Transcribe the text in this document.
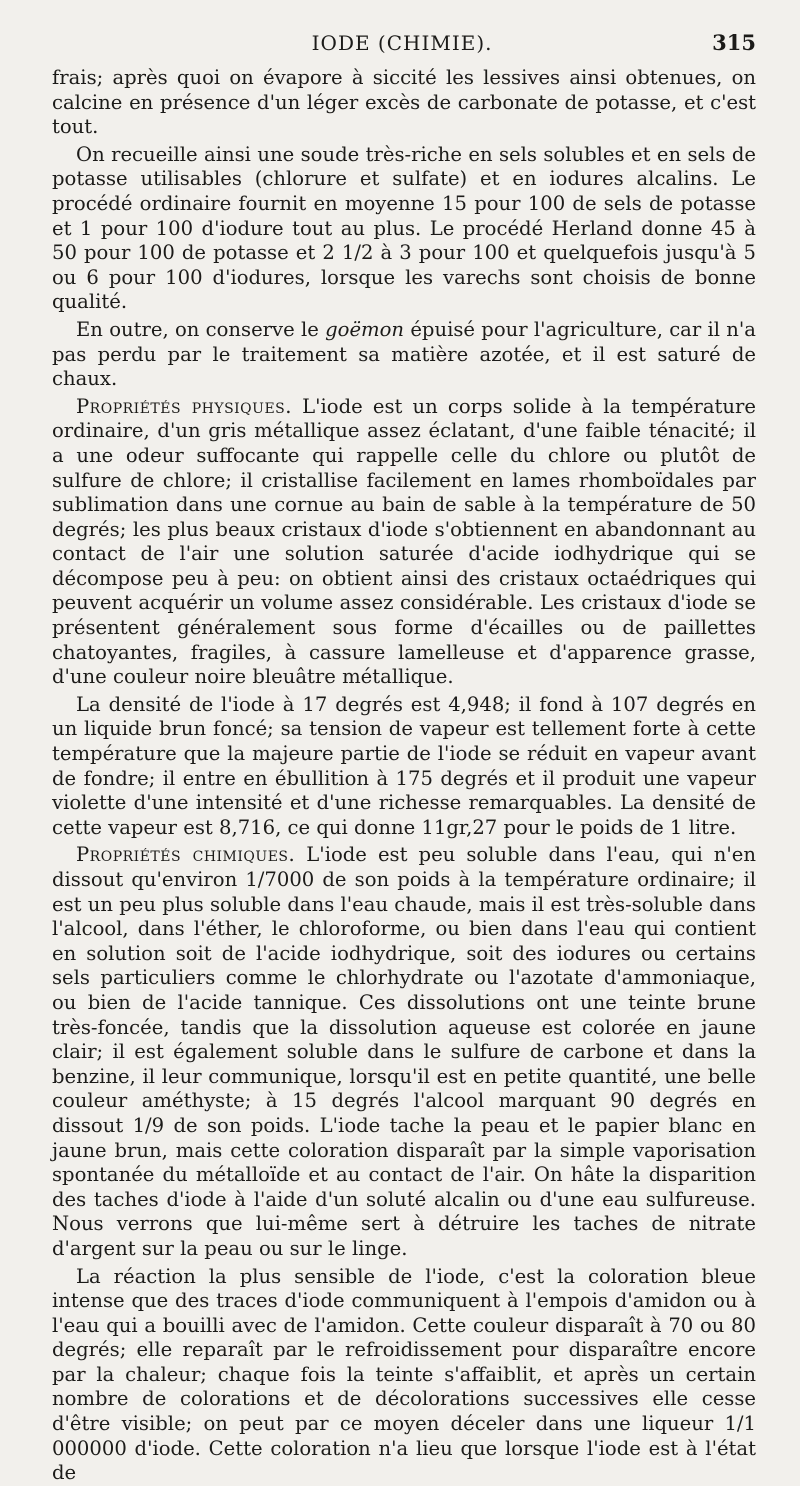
IODE (CHIMIE).	315

frais; après quoi on évapore à siccité les lessives ainsi obtenues, on calcine en présence d'un léger excès de carbonate de potasse, et c'est tout.

On recueille ainsi une soude très-riche en sels solubles et en sels de potasse utilisables (chlorure et sulfate) et en iodures alcalins. Le procédé ordinaire fournit en moyenne 15 pour 100 de sels de potasse et 1 pour 100 d'iodure tout au plus. Le procédé Herland donne 45 à 50 pour 100 de potasse et 2 1/2 à 3 pour 100 et quelquefois jusqu'à 5 ou 6 pour 100 d'iodures, lorsque les varechs sont choisis de bonne qualité.

En outre, on conserve le goëmon épuisé pour l'agriculture, car il n'a pas perdu par le traitement sa matière azotée, et il est saturé de chaux.

Propriétés physiques. L'iode est un corps solide à la température ordinaire, d'un gris métallique assez éclatant, d'une faible ténacité; il a une odeur suffocante qui rappelle celle du chlore ou plutôt de sulfure de chlore; il cristallise facilement en lames rhomboïdales par sublimation dans une cornue au bain de sable à la température de 50 degrés; les plus beaux cristaux d'iode s'obtiennent en abandonnant au contact de l'air une solution saturée d'acide iodhydrique qui se décompose peu à peu: on obtient ainsi des cristaux octaédriques qui peuvent acquérir un volume assez considérable. Les cristaux d'iode se présentent généralement sous forme d'écailles ou de paillettes chatoyantes, fragiles, à cassure lamelleuse et d'apparence grasse, d'une couleur noire bleuâtre métallique.

La densité de l'iode à 17 degrés est 4,948; il fond à 107 degrés en un liquide brun foncé; sa tension de vapeur est tellement forte à cette température que la majeure partie de l'iode se réduit en vapeur avant de fondre; il entre en ébullition à 175 degrés et il produit une vapeur violette d'une intensité et d'une richesse remarquables. La densité de cette vapeur est 8,716, ce qui donne 11gr,27 pour le poids de 1 litre.

Propriétés chimiques. L'iode est peu soluble dans l'eau, qui n'en dissout qu'environ 1/7000 de son poids à la température ordinaire; il est un peu plus soluble dans l'eau chaude, mais il est très-soluble dans l'alcool, dans l'éther, le chloroforme, ou bien dans l'eau qui contient en solution soit de l'acide iodhydrique, soit des iodures ou certains sels particuliers comme le chlorhydrate ou l'azotate d'ammoniaque, ou bien de l'acide tannique. Ces dissolutions ont une teinte brune très-foncée, tandis que la dissolution aqueuse est colorée en jaune clair; il est également soluble dans le sulfure de carbone et dans la benzine, il leur communique, lorsqu'il est en petite quantité, une belle couleur améthyste; à 15 degrés l'alcool marquant 90 degrés en dissout 1/9 de son poids. L'iode tache la peau et le papier blanc en jaune brun, mais cette coloration disparaît par la simple vaporisation spontanée du métalloïde et au contact de l'air. On hâte la disparition des taches d'iode à l'aide d'un soluté alcalin ou d'une eau sulfureuse. Nous verrons que lui-même sert à détruire les taches de nitrate d'argent sur la peau ou sur le linge.

La réaction la plus sensible de l'iode, c'est la coloration bleue intense que des traces d'iode communiquent à l'empois d'amidon ou à l'eau qui a bouilli avec de l'amidon. Cette couleur disparaît à 70 ou 80 degrés; elle reparaît par le refroidissement pour disparaître encore par la chaleur; chaque fois la teinte s'affaiblit, et après un certain nombre de colorations et de décolorations successives elle cesse d'être visible; on peut par ce moyen déceler dans une liqueur 1/1 000000 d'iode. Cette coloration n'a lieu que lorsque l'iode est à l'état de
